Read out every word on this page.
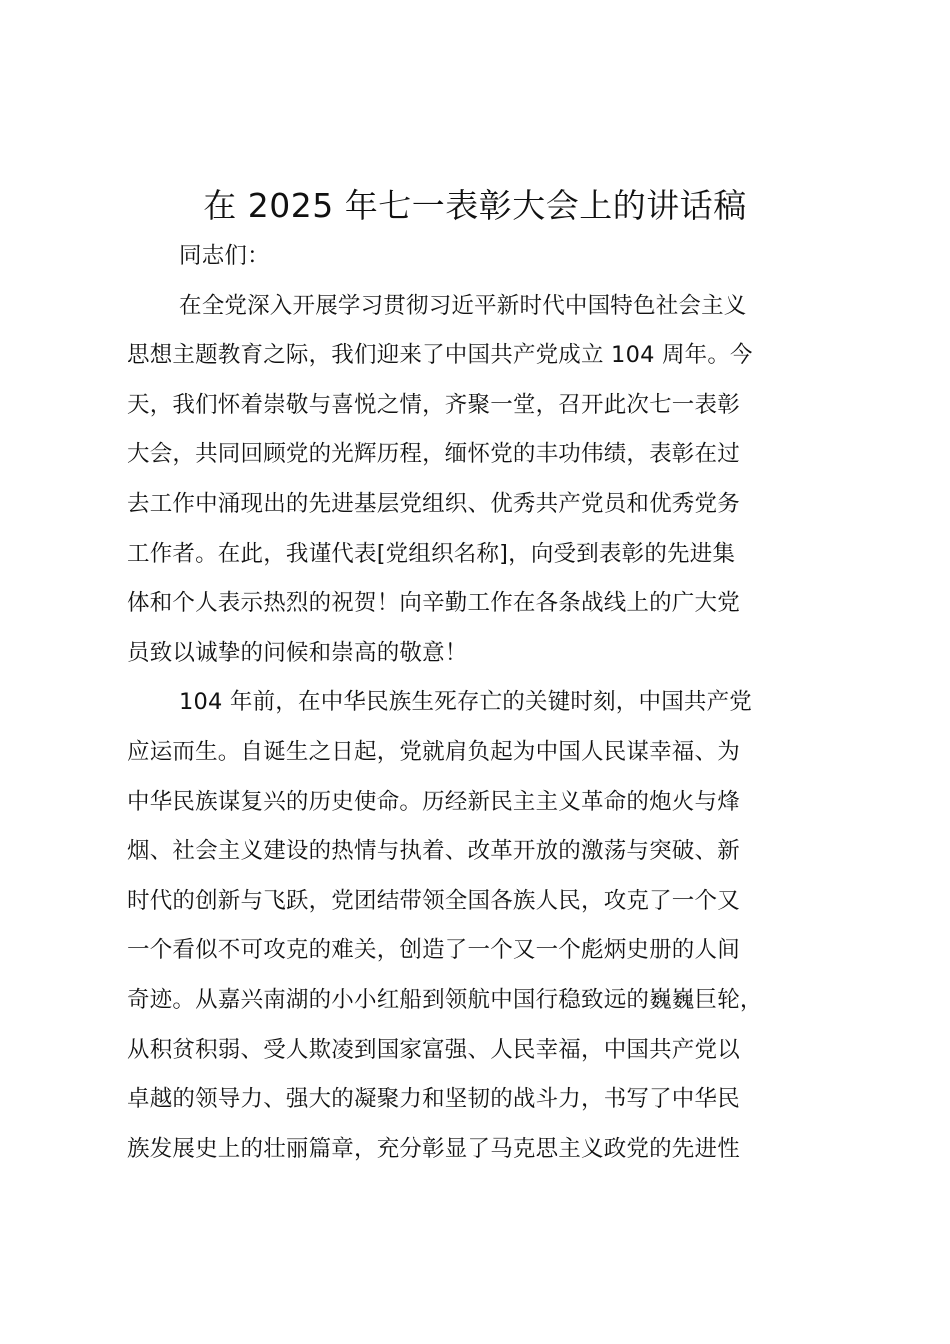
在 2025 年七一表彰大会上的讲话稿
同志们：
在全党深入开展学习贯彻习近平新时代中国特色社会主义
思想主题教育之际，我们迎来了中国共产党成立 104 周年。今
天，我们怀着崇敬与喜悦之情，齐聚一堂，召开此次七一表彰
大会，共同回顾党的光辉历程，缅怀党的丰功伟绩，表彰在过
去工作中涌现出的先进基层党组织、优秀共产党员和优秀党务
工作者。在此，我谨代表[党组织名称]，向受到表彰的先进集
体和个人表示热烈的祝贺！向辛勤工作在各条战线上的广大党
员致以诚挚的问候和崇高的敬意！
104 年前，在中华民族生死存亡的关键时刻，中国共产党
应运而生。自诞生之日起，党就肩负起为中国人民谋幸福、为
中华民族谋复兴的历史使命。历经新民主主义革命的炮火与烽
烟、社会主义建设的热情与执着、改革开放的激荡与突破、新
时代的创新与飞跃，党团结带领全国各族人民，攻克了一个又
一个看似不可攻克的难关，创造了一个又一个彪炳史册的人间
奇迹。从嘉兴南湖的小小红船到领航中国行稳致远的巍巍巨轮，
从积贫积弱、受人欺凌到国家富强、人民幸福，中国共产党以
卓越的领导力、强大的凝聚力和坚韧的战斗力，书写了中华民
族发展史上的壮丽篇章，充分彰显了马克思主义政党的先进性
